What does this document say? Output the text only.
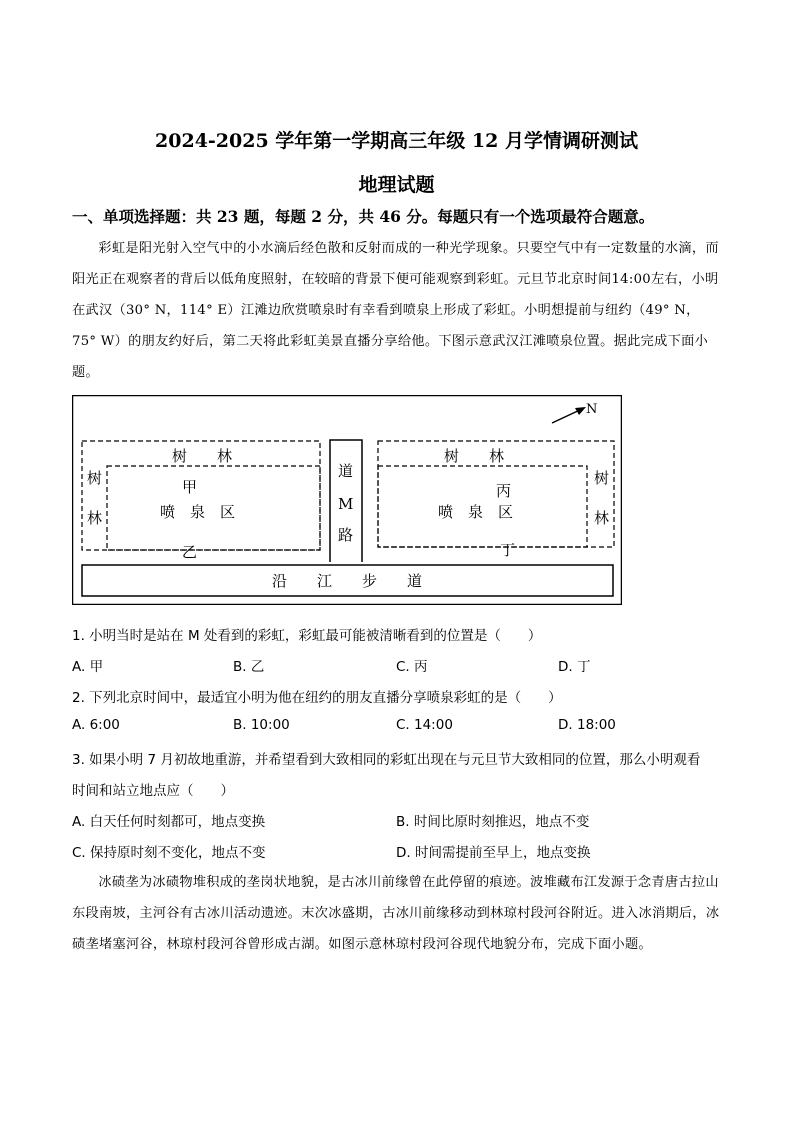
2024-2025 学年第一学期高三年级 12 月学情调研测试
地理试题
一、单项选择题：共 23 题，每题 2 分，共 46 分。每题只有一个选项最符合题意。
彩虹是阳光射入空气中的小水滴后经色散和反射而成的一种光学现象。只要空气中有一定数量的水滴，而阳光正在观察者的背后以低角度照射，在较暗的背景下便可能观察到彩虹。元旦节北京时间14:00左右，小明在武汉（30° N，114° E）江滩边欣赏喷泉时有幸看到喷泉上形成了彩虹。小明想提前与纽约（49° N，75° W）的朋友约好后，第二天将此彩虹美景直播分享给他。下图示意武汉江滩喷泉位置。据此完成下面小题。
N
树　　林
树
林
甲
喷　泉　区
乙
道
M
路
树　　林
树
林
丙
喷　泉　区
丁
沿　　江　　步　　道
1. 小明当时是站在 M 处看到的彩虹，彩虹最可能被清晰看到的位置是（　　）
A. 甲	B. 乙	C. 丙	D. 丁
2. 下列北京时间中，最适宜小明为他在纽约的朋友直播分享喷泉彩虹的是（　　）
A. 6:00	B. 10:00	C. 14:00	D. 18:00
3. 如果小明 7 月初故地重游，并希望看到大致相同的彩虹出现在与元旦节大致相同的位置，那么小明观看
时间和站立地点应（　　）
A. 白天任何时刻都可，地点变换	B. 时间比原时刻推迟，地点不变
C. 保持原时刻不变化，地点不变	D. 时间需提前至早上，地点变换
冰碛垄为冰碛物堆积成的垄岗状地貌，是古冰川前缘曾在此停留的痕迹。波堆藏布江发源于念青唐古拉山东段南坡，主河谷有古冰川活动遗迹。末次冰盛期，古冰川前缘移动到林琼村段河谷附近。进入冰消期后，冰碛垄堵塞河谷，林琼村段河谷曾形成古湖。如图示意林琼村段河谷现代地貌分布，完成下面小题。
